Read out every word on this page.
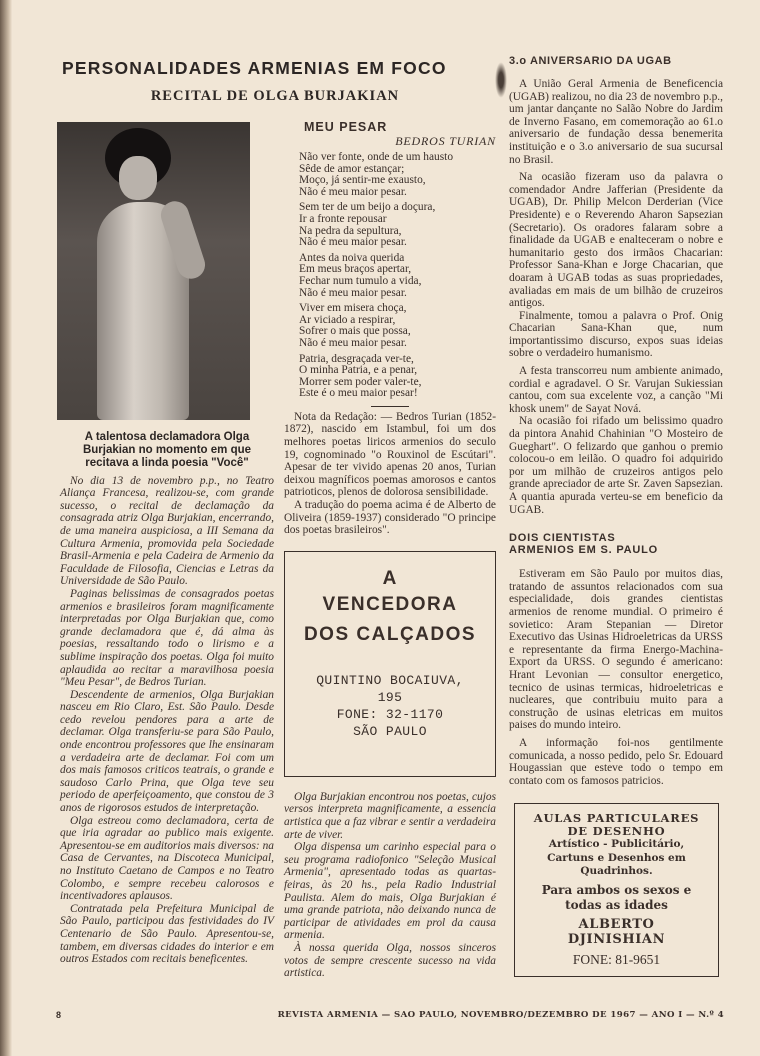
PERSONALIDADES ARMENIAS EM FOCO
RECITAL DE OLGA BURJAKIAN
A talentosa declamadora Olga Burjakian no momento em que recitava a linda poesia "Você"

No dia 13 de novembro p.p., no Teatro Aliança Francesa, realizou-se, com grande sucesso, o recital de declamação da consagrada atriz Olga Burjakian, encerrando, de uma maneira auspiciosa, a III Semana da Cultura Armenia, promovida pela Sociedade Brasil-Armenia e pela Cadeira de Armenio da Faculdade de Filosofia, Ciencias e Letras da Universidade de São Paulo.

Paginas belissimas de consagrados poetas armenios e brasileiros foram magnificamente interpretadas por Olga Burjakian que, como grande declamadora que é, dá alma às poesias, ressaltando todo o lirismo e a sublime inspiração dos poetas. Olga foi muito aplaudida ao recitar a maravilhosa poesia "Meu Pesar", de Bedros Turian.

Descendente de armenios, Olga Burjakian nasceu em Rio Claro, Est. São Paulo. Desde cedo revelou pendores para a arte de declamar. Olga transferiu-se para São Paulo, onde encontrou professores que lhe ensinaram a verdadeira arte de declamar. Foi com um dos mais famosos criticos teatrais, o grande e saudoso Carlo Prina, que Olga teve seu periodo de aperfeiçoamento, que constou de 3 anos de rigorosos estudos de interpretação.

Olga estreou como declamadora, certa de que iria agradar ao publico mais exigente. Apresentou-se em auditorios mais diversos: na Casa de Cervantes, na Discoteca Municipal, no Instituto Caetano de Campos e no Teatro Colombo, e sempre recebeu calorosos e incentivadores aplausos.

Contratada pela Prefeitura Municipal de São Paulo, participou das festividades do IV Centenario de São Paulo. Apresentou-se, tambem, em diversas cidades do interior e em outros Estados com recitais beneficentes.

MEU PESAR
BEDROS TURIAN
Não ver fonte, onde de um hausto
Sêde de amor estançar;
Moço, já sentir-me exausto,
Não é meu maior pesar.
Sem ter de um beijo a doçura,
Ir a fronte repousar
Na pedra da sepultura,
Não é meu maior pesar.
Antes da noiva querida
Em meus braços apertar,
Fechar num tumulo a vida,
Não é meu maior pesar.
Viver em misera choça,
Ar viciado a respirar,
Sofrer o mais que possa,
Não é meu maior pesar.
Patria, desgraçada ver-te,
O minha Patria, e a penar,
Morrer sem poder valer-te,
Este é o meu maior pesar!

Nota da Redação: — Bedros Turian (1852-1872), nascido em Istambul, foi um dos melhores poetas liricos armenios do seculo 19, cognominado "o Rouxinol de Escútari". Apesar de ter vivido apenas 20 anos, Turian deixou magníficos poemas amorosos e cantos patrioticos, plenos de dolorosa sensibilidade.

A tradução do poema acima é de Alberto de Oliveira (1859-1937) considerado "O principe dos poetas brasileiros".

A
VENCEDORA
DOS CALÇADOS
QUINTINO BOCAIUVA,
195
FONE: 32-1170
SÃO PAULO

Olga Burjakian encontrou nos poetas, cujos versos interpreta magnificamente, a essencia artistica que a faz vibrar e sentir a verdadeira arte de viver.

Olga dispensa um carinho especial para o seu programa radiofonico "Seleção Musical Armenia", apresentado todas as quartas-feiras, às 20 hs., pela Radio Industrial Paulista. Alem do mais, Olga Burjakian é uma grande patriota, não deixando nunca de participar de atividades em prol da causa armenia.

À nossa querida Olga, nossos sinceros votos de sempre crescente sucesso na vida artistica.

3.o ANIVERSARIO DA UGAB

A União Geral Armenia de Beneficencia (UGAB) realizou, no dia 23 de novembro p.p., um jantar dançante no Salão Nobre do Jardim de Inverno Fasano, em comemoração ao 61.o aniversario de fundação dessa benemerita instituição e o 3.o aniversario de sua sucursal no Brasil.

Na ocasião fizeram uso da palavra o comendador Andre Jafferian (Presidente da UGAB), Dr. Philip Melcon Derderian (Vice Presidente) e o Reverendo Aharon Sapsezian (Secretario). Os oradores falaram sobre a finalidade da UGAB e enalteceram o nobre e humanitario gesto dos irmãos Chacarian: Professor Sana-Khan e Jorge Chacarian, que doaram à UGAB todas as suas propriedades, avaliadas em mais de um bilhão de cruzeiros antigos.

Finalmente, tomou a palavra o Prof. Onig Chacarian Sana-Khan que, num importantissimo discurso, expos suas ideias sobre o verdadeiro humanismo.

A festa transcorreu num ambiente animado, cordial e agradavel. O Sr. Varujan Sukiessian cantou, com sua excelente voz, a canção "Mi khosk unem" de Sayat Nová.

Na ocasião foi rifado um belissimo quadro da pintora Anahid Chahinian "O Mosteiro de Gueghart". O felizardo que ganhou o premio colocou-o em leilão. O quadro foi adquirido por um milhão de cruzeiros antigos pelo grande apreciador de arte Sr. Zaven Sapsezian. A quantia apurada verteu-se em beneficio da UGAB.

DOIS CIENTISTAS
ARMENIOS EM S. PAULO

Estiveram em São Paulo por muitos dias, tratando de assuntos relacionados com sua especialidade, dois grandes cientistas armenios de renome mundial. O primeiro é sovietico: Aram Stepanian — Diretor Executivo das Usinas Hidroeletricas da URSS e representante da firma Energo-Machina-Export da URSS. O segundo é americano: Hrant Levonian — consultor energetico, tecnico de usinas termicas, hidroeletricas e nucleares, que contribuiu muito para a construção de usinas eletricas em muitos paises do mundo inteiro.

A informação foi-nos gentilmente comunicada, a nosso pedido, pelo Sr. Edouard Hougassian que esteve todo o tempo em contato com os famosos patricios.

AULAS PARTICULARES
DE DESENHO
Artístico - Publicitário,
Cartuns e Desenhos em
Quadrinhos.
Para ambos os sexos e
todas as idades
ALBERTO
DJINISHIAN
FONE: 81-9651
8	REVISTA ARMENIA — SAO PAULO, NOVEMBRO/DEZEMBRO DE 1967 — ANO I — N.º 4
